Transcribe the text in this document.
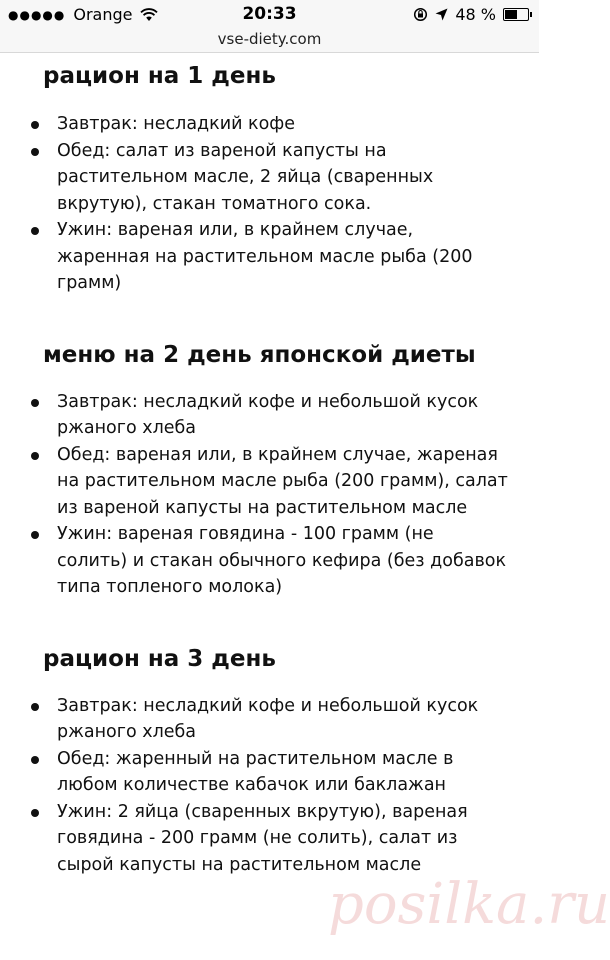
●●●●● Orange	20:33	48 %
vse-diety.com
рацион на 1 день
Завтрак: несладкий кофе
Обед: салат из вареной капусты на растительном масле, 2 яйца (сваренных вкрутую), стакан томатного сока.
Ужин: вареная или, в крайнем случае, жаренная на растительном масле рыба (200 грамм)
меню на 2 день японской диеты
Завтрак: несладкий кофе и небольшой кусок ржаного хлеба
Обед: вареная или, в крайнем случае, жареная на растительном масле рыба (200 грамм), салат из вареной капусты на растительном масле
Ужин: вареная говядина - 100 грамм (не солить) и стакан обычного кефира (без добавок типа топленого молока)
рацион на 3 день
Завтрак: несладкий кофе и небольшой кусок ржаного хлеба
Обед: жаренный на растительном масле в любом количестве кабачок или баклажан
Ужин: 2 яйца (сваренных вкрутую), вареная говядина - 200 грамм (не солить), салат из сырой капусты на растительном масле
posilka.ru
